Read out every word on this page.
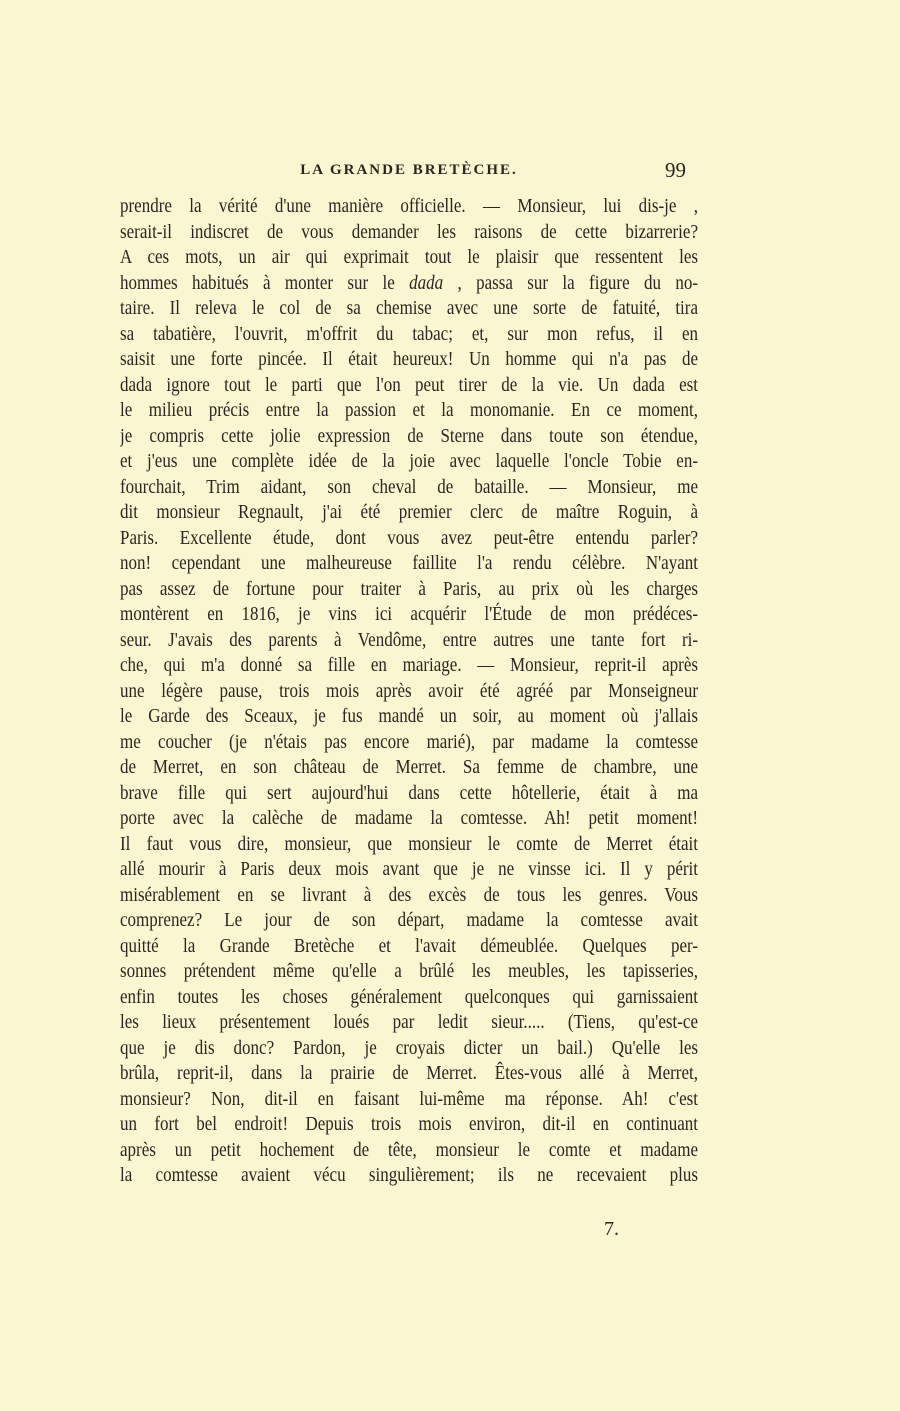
LA GRANDE BRETÈCHE.	99
prendre la vérité d'une manière officielle. — Monsieur, lui dis-je ,
serait-il indiscret de vous demander les raisons de cette bizarrerie?
A ces mots, un air qui exprimait tout le plaisir que ressentent les
hommes habitués à monter sur le dada , passa sur la figure du no-
taire. Il releva le col de sa chemise avec une sorte de fatuité, tira
sa tabatière, l'ouvrit, m'offrit du tabac; et, sur mon refus, il en
saisit une forte pincée. Il était heureux! Un homme qui n'a pas de
dada ignore tout le parti que l'on peut tirer de la vie. Un dada est
le milieu précis entre la passion et la monomanie. En ce moment,
je compris cette jolie expression de Sterne dans toute son étendue,
et j'eus une complète idée de la joie avec laquelle l'oncle Tobie en-
fourchait, Trim aidant, son cheval de bataille. — Monsieur, me
dit monsieur Regnault, j'ai été premier clerc de maître Roguin, à
Paris. Excellente étude, dont vous avez peut-être entendu parler?
non! cependant une malheureuse faillite l'a rendu célèbre. N'ayant
pas assez de fortune pour traiter à Paris, au prix où les charges
montèrent en 1816, je vins ici acquérir l'Étude de mon prédéces-
seur. J'avais des parents à Vendôme, entre autres une tante fort ri-
che, qui m'a donné sa fille en mariage. — Monsieur, reprit-il après
une légère pause, trois mois après avoir été agréé par Monseigneur
le Garde des Sceaux, je fus mandé un soir, au moment où j'allais
me coucher (je n'étais pas encore marié), par madame la comtesse
de Merret, en son château de Merret. Sa femme de chambre, une
brave fille qui sert aujourd'hui dans cette hôtellerie, était à ma
porte avec la calèche de madame la comtesse. Ah! petit moment!
Il faut vous dire, monsieur, que monsieur le comte de Merret était
allé mourir à Paris deux mois avant que je ne vinsse ici. Il y périt
misérablement en se livrant à des excès de tous les genres. Vous
comprenez? Le jour de son départ, madame la comtesse avait
quitté la Grande Bretèche et l'avait démeublée. Quelques per-
sonnes prétendent même qu'elle a brûlé les meubles, les tapisseries,
enfin toutes les choses généralement quelconques qui garnissaient
les lieux présentement loués par ledit sieur..... (Tiens, qu'est-ce
que je dis donc? Pardon, je croyais dicter un bail.) Qu'elle les
brûla, reprit-il, dans la prairie de Merret. Êtes-vous allé à Merret,
monsieur? Non, dit-il en faisant lui-même ma réponse. Ah! c'est
un fort bel endroit! Depuis trois mois environ, dit-il en continuant
après un petit hochement de tête, monsieur le comte et madame
la comtesse avaient vécu singulièrement; ils ne recevaient plus
7.
